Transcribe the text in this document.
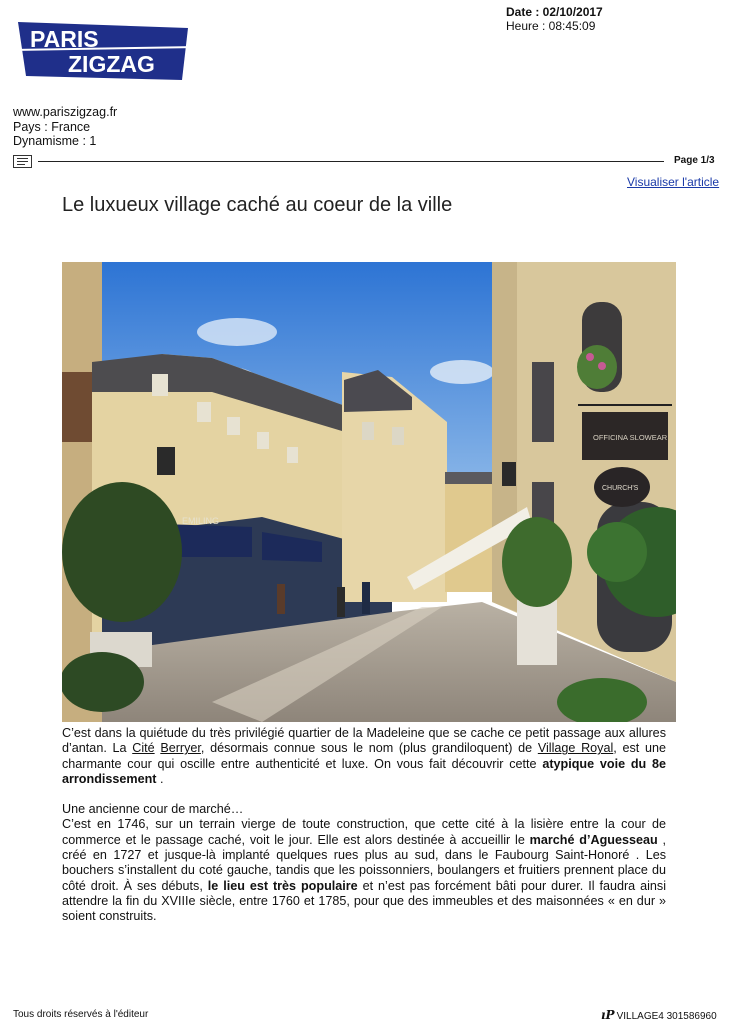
PARIS
ZIGZAG
Date : 02/10/2017
Heure : 08:45:09
www.pariszigzag.fr
Pays : France
Dynamisme : 1
Page 1/3
Visualiser l'article
Le luxueux village caché au coeur de la ville
EMILING
OFFICINA SLOWEAR
CHURCH'S

C’est dans la quiétude du très privilégié quartier de la Madeleine que se cache ce petit passage aux allures d’antan. La Cité Berryer, désormais connue sous le nom (plus grandiloquent) de Village Royal, est une charmante cour qui oscille entre authenticité et luxe. On vous fait découvrir cette atypique voie du 8e arrondissement .

Une ancienne cour de marché…

C’est en 1746, sur un terrain vierge de toute construction, que cette cité à la lisière entre la cour de commerce et le passage caché, voit le jour. Elle est alors destinée à accueillir le marché d’Aguesseau , créé en 1727 et jusque-là implanté quelques rues plus au sud, dans le Faubourg Saint-Honoré . Les bouchers s’installent du coté gauche, tandis que les poissonniers, boulangers et fruitiers prennent place du côté droit. À ses débuts, le lieu est très populaire et n’est pas forcément bâti pour durer. Il faudra ainsi attendre la fin du XVIIIe siècle, entre 1760 et 1785, pour que des immeubles et des maisonnées « en dur » soient construits.

Tous droits réservés à l'éditeur	ıP VILLAGE4 301586960
